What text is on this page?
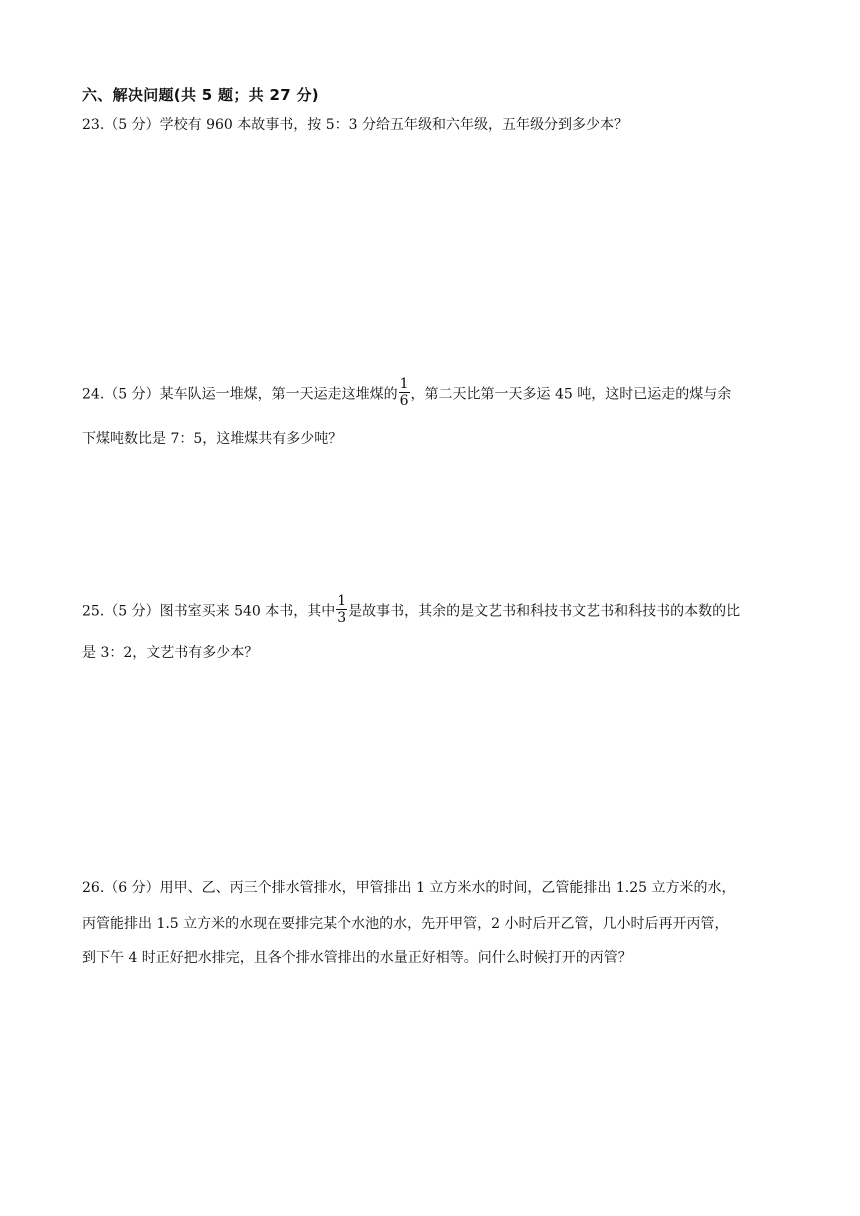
六、解决问题(共 5 题；共 27 分)
23.（5 分）学校有 960 本故事书，按 5：3 分给五年级和六年级，五年级分到多少本？
24.（5 分）某车队运一堆煤，第一天运走这堆煤的 $\frac{1}{6}$ ，第二天比第一天多运 45 吨，这时已运走的煤与余
下煤吨数比是 7：5，这堆煤共有多少吨？
25.（5 分）图书室买来 540 本书，其中 $\frac{1}{3}$ 是故事书，其余的是文艺书和科技书文艺书和科技书的本数的比
是 3：2，文艺书有多少本？
26.（6 分）用甲、乙、丙三个排水管排水，甲管排出 1 立方米水的时间，乙管能排出 1.25 立方米的水，
丙管能排出 1.5 立方米的水现在要排完某个水池的水，先开甲管，2 小时后开乙管，几小时后再开丙管，
到下午 4 时正好把水排完，且各个排水管排出的水量正好相等。问什么时候打开的丙管？
